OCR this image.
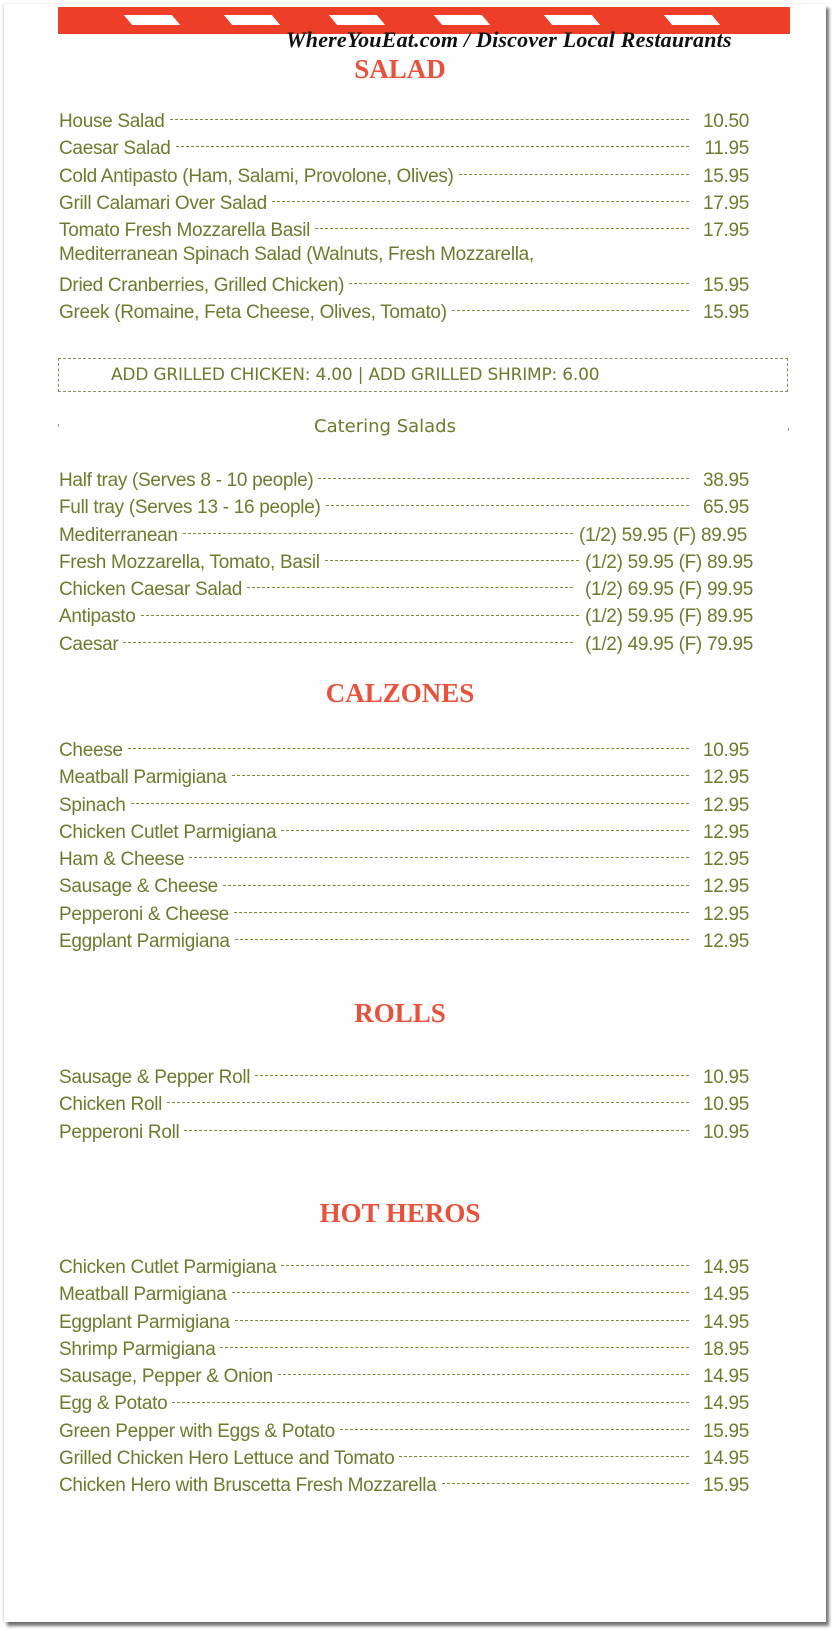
WhereYouEat.com / Discover Local Restaurants
SALAD
House Salad	10.50
Caesar Salad	11.95
Cold Antipasto (Ham, Salami, Provolone, Olives)	15.95
Grill Calamari Over Salad	17.95
Tomato Fresh Mozzarella Basil	17.95
Mediterranean Spinach Salad (Walnuts, Fresh Mozzarella,
Dried Cranberries, Grilled Chicken)	15.95
Greek (Romaine, Feta Cheese, Olives, Tomato)	15.95
ADD GRILLED CHICKEN: 4.00 | ADD GRILLED SHRIMP: 6.00
Catering Salads
Half tray (Serves 8 - 10 people)	38.95
Full tray (Serves 13 - 16 people)	65.95
Mediterranean	(1/2) 59.95 (F) 89.95
Fresh Mozzarella, Tomato, Basil	(1/2) 59.95 (F) 89.95
Chicken Caesar Salad	(1/2) 69.95 (F) 99.95
Antipasto	(1/2) 59.95 (F) 89.95
Caesar	(1/2) 49.95 (F) 79.95
CALZONES
Cheese	10.95
Meatball Parmigiana	12.95
Spinach	12.95
Chicken Cutlet Parmigiana	12.95
Ham & Cheese	12.95
Sausage & Cheese	12.95
Pepperoni & Cheese	12.95
Eggplant Parmigiana	12.95
ROLLS
Sausage & Pepper Roll	10.95
Chicken Roll	10.95
Pepperoni Roll	10.95
HOT HEROS
Chicken Cutlet Parmigiana	14.95
Meatball Parmigiana	14.95
Eggplant Parmigiana	14.95
Shrimp Parmigiana	18.95
Sausage, Pepper & Onion	14.95
Egg & Potato	14.95
Green Pepper with Eggs & Potato	15.95
Grilled Chicken Hero Lettuce and Tomato	14.95
Chicken Hero with Bruscetta Fresh Mozzarella	15.95
